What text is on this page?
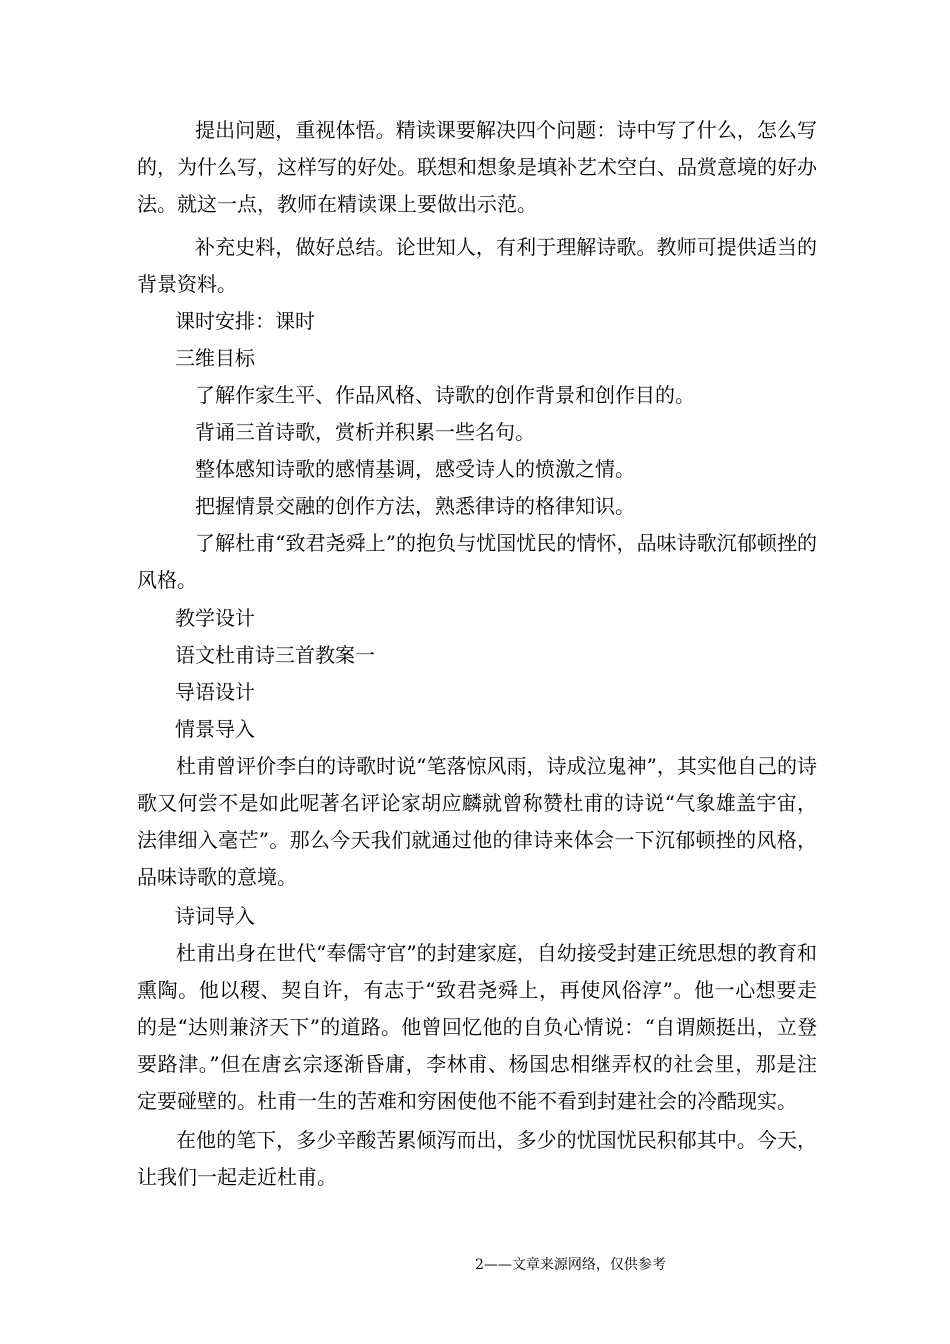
提出问题，重视体悟。精读课要解决四个问题：诗中写了什么，怎么写的，为什么写，这样写的好处。联想和想象是填补艺术空白、品赏意境的好办法。就这一点，教师在精读课上要做出示范。

补充史料，做好总结。论世知人，有利于理解诗歌。教师可提供适当的背景资料。

课时安排：课时

三维目标

了解作家生平、作品风格、诗歌的创作背景和创作目的。

背诵三首诗歌，赏析并积累一些名句。

整体感知诗歌的感情基调，感受诗人的愤激之情。

把握情景交融的创作方法，熟悉律诗的格律知识。

了解杜甫“致君尧舜上”的抱负与忧国忧民的情怀，品味诗歌沉郁顿挫的风格。

教学设计

语文杜甫诗三首教案一

导语设计

情景导入

杜甫曾评价李白的诗歌时说“笔落惊风雨，诗成泣鬼神”，其实他自己的诗歌又何尝不是如此呢著名评论家胡应麟就曾称赞杜甫的诗说“气象雄盖宇宙，法律细入毫芒”。那么今天我们就通过他的律诗来体会一下沉郁顿挫的风格，品味诗歌的意境。

诗词导入

杜甫出身在世代“奉儒守官”的封建家庭，自幼接受封建正统思想的教育和熏陶。他以稷、契自许，有志于“致君尧舜上，再使风俗淳”。他一心想要走的是“达则兼济天下”的道路。他曾回忆他的自负心情说：“自谓颇挺出，立登要路津。”但在唐玄宗逐渐昏庸，李林甫、杨国忠相继弄权的社会里，那是注定要碰壁的。杜甫一生的苦难和穷困使他不能不看到封建社会的冷酷现实。

在他的笔下，多少辛酸苦累倾泻而出，多少的忧国忧民积郁其中。今天，让我们一起走近杜甫。

2——文章来源网络，仅供参考
